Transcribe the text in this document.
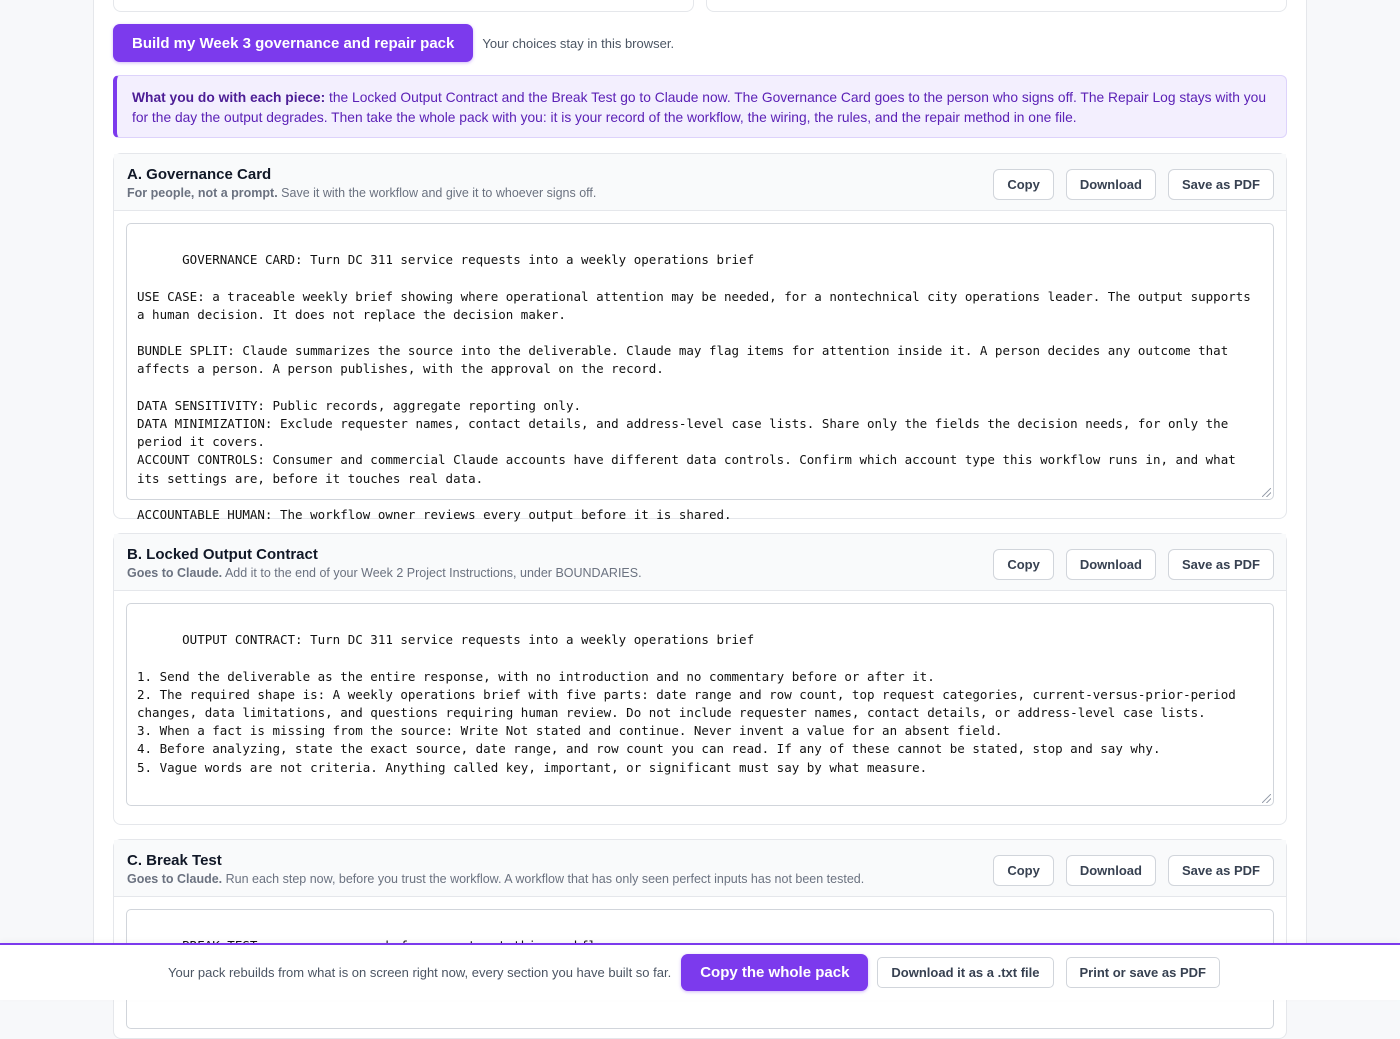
Build my Week 3 governance and repair pack	Your choices stay in this browser.
What you do with each piece: the Locked Output Contract and the Break Test go to Claude now. The Governance Card goes to the person who signs off. The Repair Log stays with you for the day the output degrades. Then take the whole pack with you: it is your record of the workflow, the wiring, the rules, and the repair method in one file.
A. Governance Card
For people, not a prompt. Save it with the workflow and give it to whoever signs off.
Copy	Download	Save as PDF

GOVERNANCE CARD: Turn DC 311 service requests into a weekly operations brief

USE CASE: a traceable weekly brief showing where operational attention may be needed, for a nontechnical city operations leader. The output supports a human decision. It does not replace the decision maker.

BUNDLE SPLIT: Claude summarizes the source into the deliverable. Claude may flag items for attention inside it. A person decides any outcome that affects a person. A person publishes, with the approval on the record.

DATA SENSITIVITY: Public records, aggregate reporting only.
DATA MINIMIZATION: Exclude requester names, contact details, and address-level case lists. Share only the fields the decision needs, for only the period it covers.
ACCOUNT CONTROLS: Consumer and commercial Claude accounts have different data controls. Confirm which account type this workflow runs in, and what its settings are, before it touches real data.

ACCOUNTABLE HUMAN: The workflow owner reviews every output before it is shared.

B. Locked Output Contract
Goes to Claude. Add it to the end of your Week 2 Project Instructions, under BOUNDARIES.
Copy	Download	Save as PDF

OUTPUT CONTRACT: Turn DC 311 service requests into a weekly operations brief

1. Send the deliverable as the entire response, with no introduction and no commentary before or after it.
2. The required shape is: A weekly operations brief with five parts: date range and row count, top request categories, current-versus-prior-period changes, data limitations, and questions requiring human review. Do not include requester names, contact details, or address-level case lists.
3. When a fact is missing from the source: Write Not stated and continue. Never invent a value for an absent field.
4. Before analyzing, state the exact source, date range, and row count you can read. If any of these cannot be stated, stop and say why.
5. Vague words are not criteria. Anything called key, important, or significant must say by what measure.

C. Break Test
Goes to Claude. Run each step now, before you trust the workflow. A workflow that has only seen perfect inputs has not been tested.
Copy	Download	Save as PDF

Your pack rebuilds from what is on screen right now, every section you have built so far.	Copy the whole pack	Download it as a .txt file	Print or save as PDF
